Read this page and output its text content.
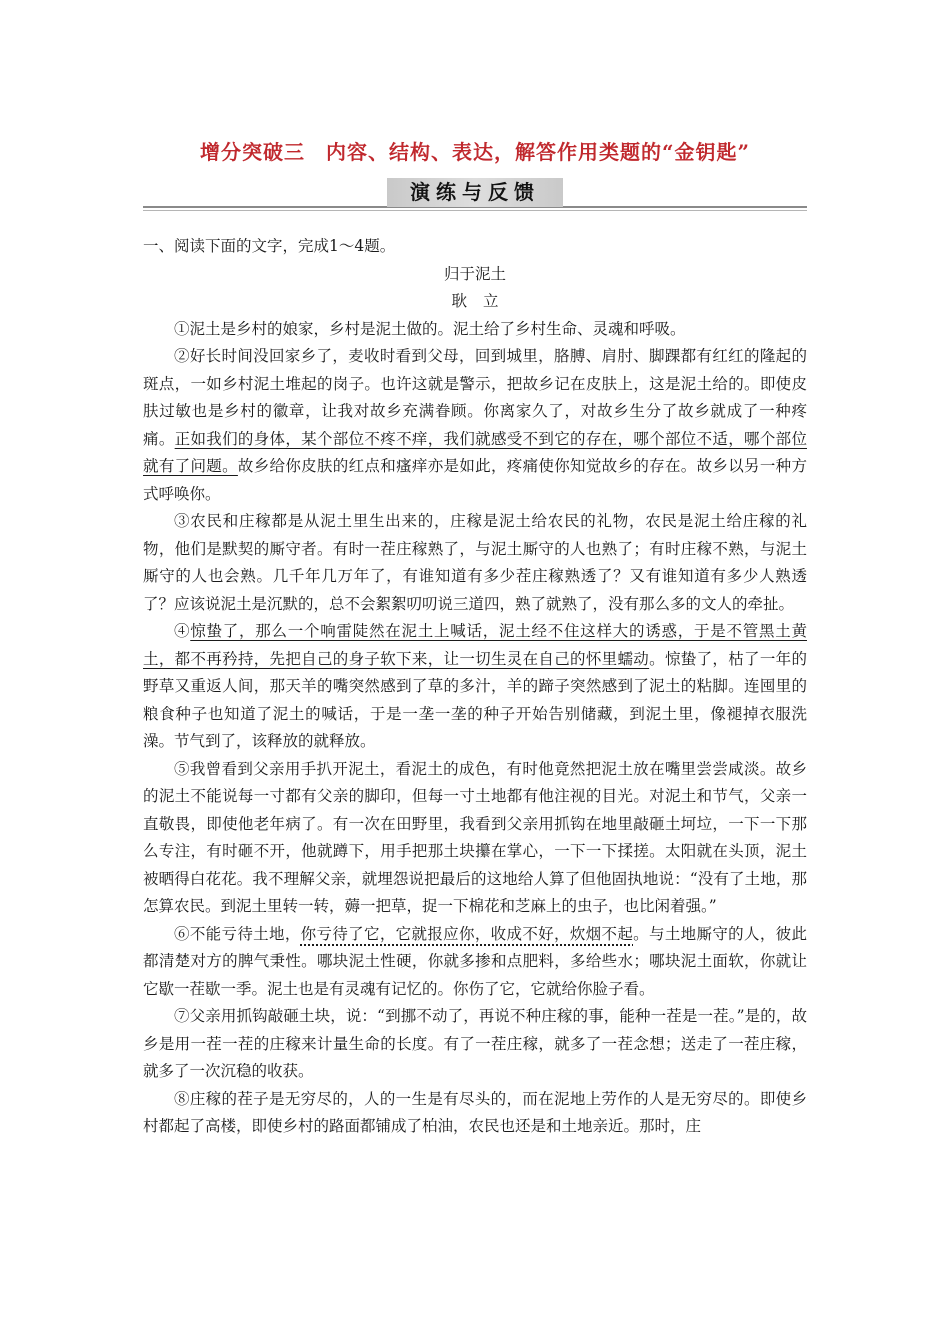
增分突破三　内容、结构、表达，解答作用类题的“金钥匙”
演练与反馈

一、阅读下面的文字，完成1～4题。

归于泥土

耿立

①泥土是乡村的娘家，乡村是泥土做的。泥土给了乡村生命、灵魂和呼吸。

②好长时间没回家乡了，麦收时看到父母，回到城里，胳膊、肩肘、脚踝都有红红的隆起的斑点，一如乡村泥土堆起的岗子。也许这就是警示，把故乡记在皮肤上，这是泥土给的。即使皮肤过敏也是乡村的徽章，让我对故乡充满眷顾。你离家久了，对故乡生分了故乡就成了一种疼痛。正如我们的身体，某个部位不疼不痒，我们就感受不到它的存在，哪个部位不适，哪个部位就有了问题。故乡给你皮肤的红点和瘙痒亦是如此，疼痛使你知觉故乡的存在。故乡以另一种方式呼唤你。

③农民和庄稼都是从泥土里生出来的，庄稼是泥土给农民的礼物，农民是泥土给庄稼的礼物，他们是默契的厮守者。有时一茬庄稼熟了，与泥土厮守的人也熟了；有时庄稼不熟，与泥土厮守的人也会熟。几千年几万年了，有谁知道有多少茬庄稼熟透了？又有谁知道有多少人熟透了？应该说泥土是沉默的，总不会絮絮叨叨说三道四，熟了就熟了，没有那么多的文人的牵扯。

④惊蛰了，那么一个响雷陡然在泥土上喊话，泥土经不住这样大的诱惑，于是不管黑土黄土，都不再矜持，先把自己的身子软下来，让一切生灵在自己的怀里蠕动。惊蛰了，枯了一年的野草又重返人间，那天羊的嘴突然感到了草的多汁，羊的蹄子突然感到了泥土的粘脚。连囤里的粮食种子也知道了泥土的喊话，于是一垄一垄的种子开始告别储藏，到泥土里，像褪掉衣服洗澡。节气到了，该释放的就释放。

⑤我曾看到父亲用手扒开泥土，看泥土的成色，有时他竟然把泥土放在嘴里尝尝咸淡。故乡的泥土不能说每一寸都有父亲的脚印，但每一寸土地都有他注视的目光。对泥土和节气，父亲一直敬畏，即使他老年病了。有一次在田野里，我看到父亲用抓钩在地里敲砸土坷垃，一下一下那么专注，有时砸不开，他就蹲下，用手把那土块攥在掌心，一下一下揉搓。太阳就在头顶，泥土被晒得白花花。我不理解父亲，就埋怨说把最后的这地给人算了但他固执地说：“没有了土地，那怎算农民。到泥土里转一转，薅一把草，捉一下棉花和芝麻上的虫子，也比闲着强。”

⑥不能亏待土地，你亏待了它，它就报应你，收成不好，炊烟不起。与土地厮守的人，彼此都清楚对方的脾气秉性。哪块泥土性硬，你就多掺和点肥料，多给些水；哪块泥土面软，你就让它歇一茬歇一季。泥土也是有灵魂有记忆的。你伤了它，它就给你脸子看。

⑦父亲用抓钩敲砸土块，说：“到挪不动了，再说不种庄稼的事，能种一茬是一茬。”是的，故乡是用一茬一茬的庄稼来计量生命的长度。有了一茬庄稼，就多了一茬念想；送走了一茬庄稼，就多了一次沉稳的收获。

⑧庄稼的茬子是无穷尽的，人的一生是有尽头的，而在泥地上劳作的人是无穷尽的。即使乡村都起了高楼，即使乡村的路面都铺成了柏油，农民也还是和土地亲近。那时，庄
